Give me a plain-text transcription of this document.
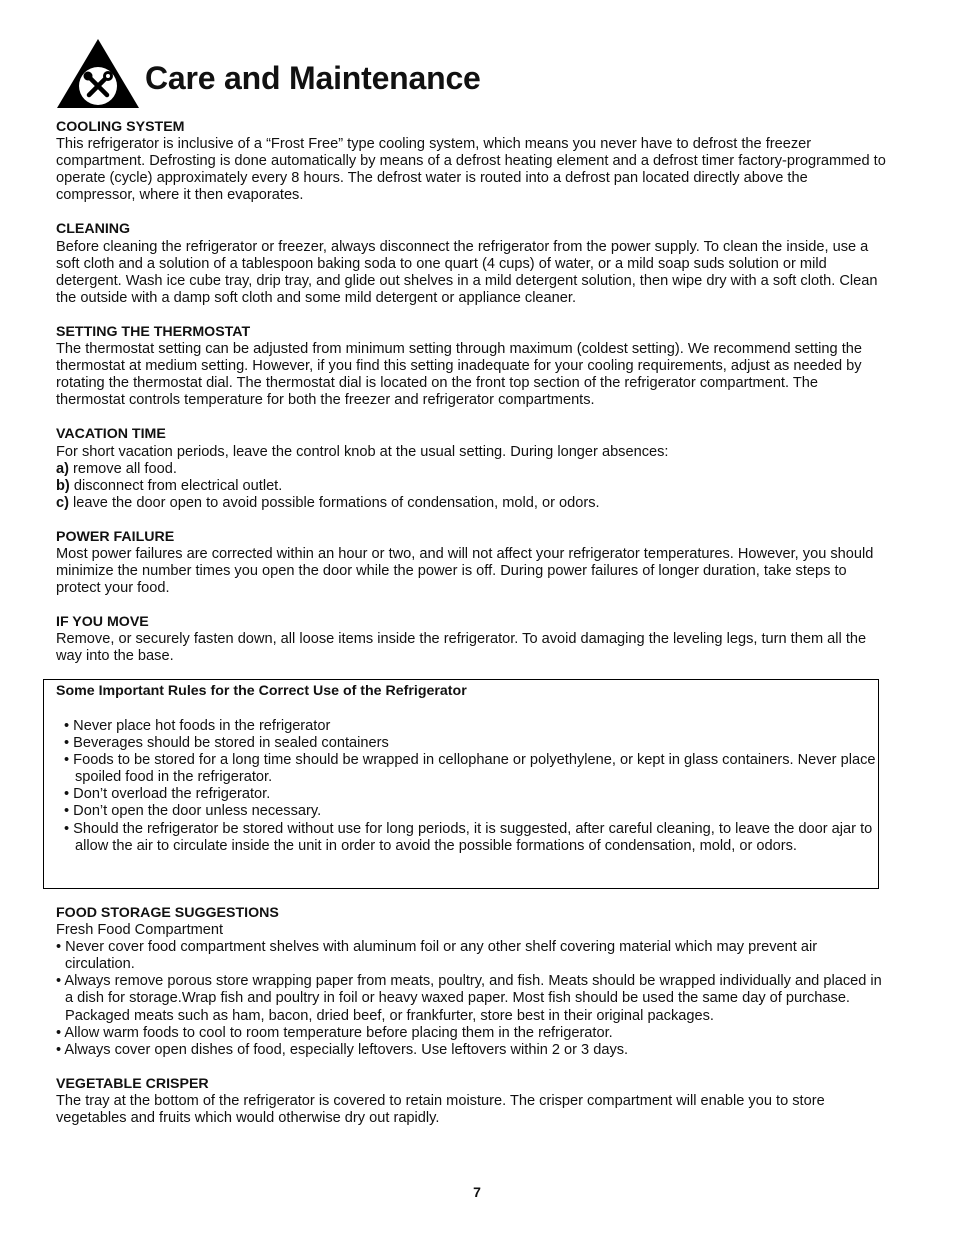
Care and Maintenance
COOLING SYSTEM

This refrigerator is inclusive of a “Frost Free” type cooling system, which means you never have to defrost the freezer compartment. Defrosting is done automatically by means of a defrost heating element and a defrost timer factory-programmed to operate (cycle) approximately every 8 hours. The defrost water is routed into a defrost pan located directly above the compressor, where it then evaporates.

CLEANING

Before cleaning the refrigerator or freezer, always disconnect the refrigerator from the power supply. To clean the inside, use a soft cloth and a solution of a tablespoon baking soda to one quart (4 cups) of water, or a mild soap suds solution or mild detergent. Wash ice cube tray, drip tray, and glide out shelves in a mild detergent solution, then wipe dry with a soft cloth. Clean the outside with a damp soft cloth and some mild detergent or appliance cleaner.

SETTING THE THERMOSTAT

The thermostat setting can be adjusted from minimum setting through maximum (coldest setting). We recommend setting the thermostat at medium setting. However, if you find this setting inadequate for your cooling requirements, adjust as needed by rotating the thermostat dial. The thermostat dial is located on the front top section of the refrigerator compartment. The thermostat controls temperature for both the freezer and refrigerator compartments.

VACATION TIME

For short vacation periods, leave the control knob at the usual setting. During longer absences:

a) remove all food.

b) disconnect from electrical outlet.

c) leave the door open to avoid possible formations of condensation, mold, or odors.

POWER FAILURE

Most power failures are corrected within an hour or two, and will not affect your refrigerator temperatures. However, you should minimize the number times you open the door while the power is off. During power failures of longer duration, take steps to protect your food.

IF YOU MOVE

Remove, or securely fasten down, all loose items inside the refrigerator. To avoid damaging the leveling legs, turn them all the way into the base.

Some Important Rules for the Correct Use of the Refrigerator
• Never place hot foods in the refrigerator
• Beverages should be stored in sealed containers
• Foods to be stored for a long time should be wrapped in cellophane or polyethylene, or kept in glass containers. Never place spoiled food in the refrigerator.
• Don’t overload the refrigerator.
• Don’t open the door unless necessary.
• Should the refrigerator be stored without use for long periods, it is suggested, after careful cleaning, to leave the door ajar to allow the air to circulate inside the unit in order to avoid the possible formations of condensation, mold, or odors.
FOOD STORAGE SUGGESTIONS

Fresh Food Compartment

• Never cover food compartment shelves with aluminum foil or any other shelf covering material which may prevent air circulation.
• Always remove porous store wrapping paper from meats, poultry, and fish. Meats should be wrapped individually and placed in a dish for storage.Wrap fish and poultry in foil or heavy waxed paper. Most fish should be used the same day of purchase. Packaged meats such as ham, bacon, dried beef, or frankfurter, store best in their original packages.
• Allow warm foods to cool to room temperature before placing them in the refrigerator.
• Always cover open dishes of food, especially leftovers. Use leftovers within 2 or 3 days.
VEGETABLE CRISPER

The tray at the bottom of the refrigerator is covered to retain moisture. The crisper compartment will enable you to store vegetables and fruits which would otherwise dry out rapidly.

7
